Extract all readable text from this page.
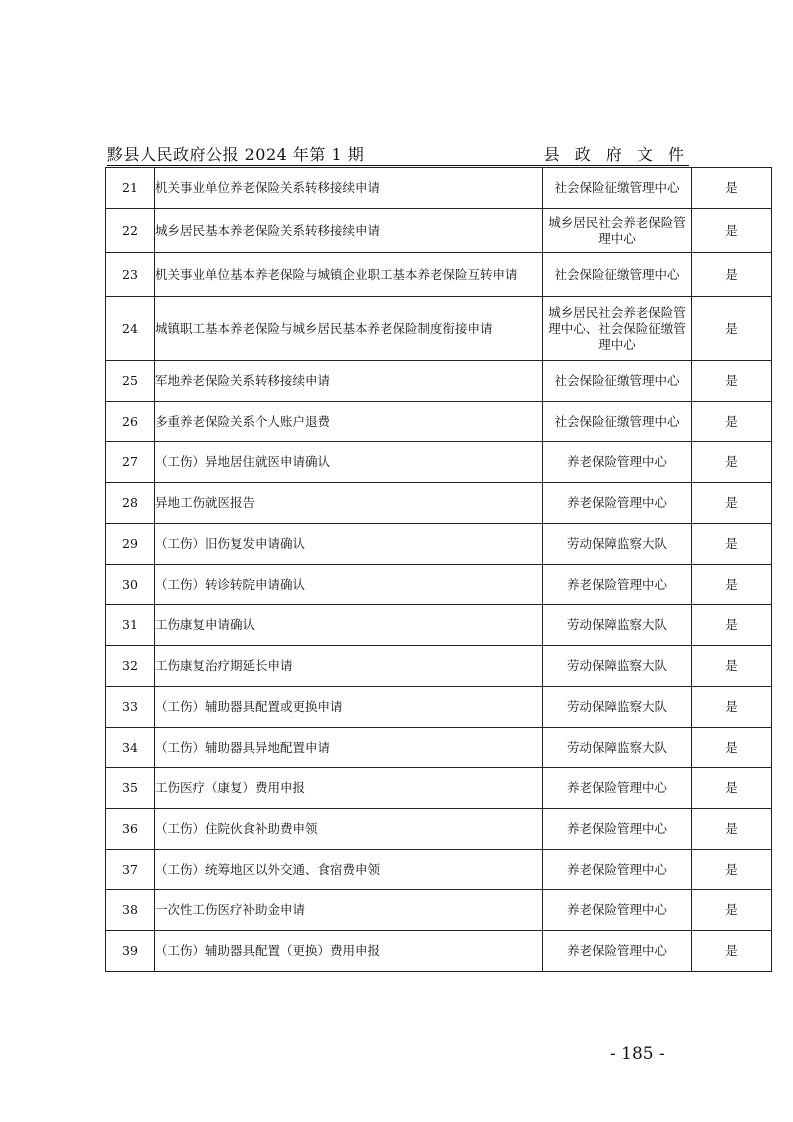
黟县人民政府公报 2024 年第 1 期	县 政 府 文 件
21	机关事业单位养老保险关系转移接续申请	社会保险征缴管理中心	是
22	城乡居民基本养老保险关系转移接续申请	城乡居民社会养老保险管理中心	是
23	机关事业单位基本养老保险与城镇企业职工基本养老保险互转申请	社会保险征缴管理中心	是
24	城镇职工基本养老保险与城乡居民基本养老保险制度衔接申请	城乡居民社会养老保险管理中心、社会保险征缴管理中心	是
25	军地养老保险关系转移接续申请	社会保险征缴管理中心	是
26	多重养老保险关系个人账户退费	社会保险征缴管理中心	是
27	（工伤）异地居住就医申请确认	养老保险管理中心	是
28	异地工伤就医报告	养老保险管理中心	是
29	（工伤）旧伤复发申请确认	劳动保障监察大队	是
30	（工伤）转诊转院申请确认	养老保险管理中心	是
31	工伤康复申请确认	劳动保障监察大队	是
32	工伤康复治疗期延长申请	劳动保障监察大队	是
33	（工伤）辅助器具配置或更换申请	劳动保障监察大队	是
34	（工伤）辅助器具异地配置申请	劳动保障监察大队	是
35	工伤医疗（康复）费用申报	养老保险管理中心	是
36	（工伤）住院伙食补助费申领	养老保险管理中心	是
37	（工伤）统筹地区以外交通、食宿费申领	养老保险管理中心	是
38	一次性工伤医疗补助金申请	养老保险管理中心	是
39	（工伤）辅助器具配置（更换）费用申报	养老保险管理中心	是
- 185 -
